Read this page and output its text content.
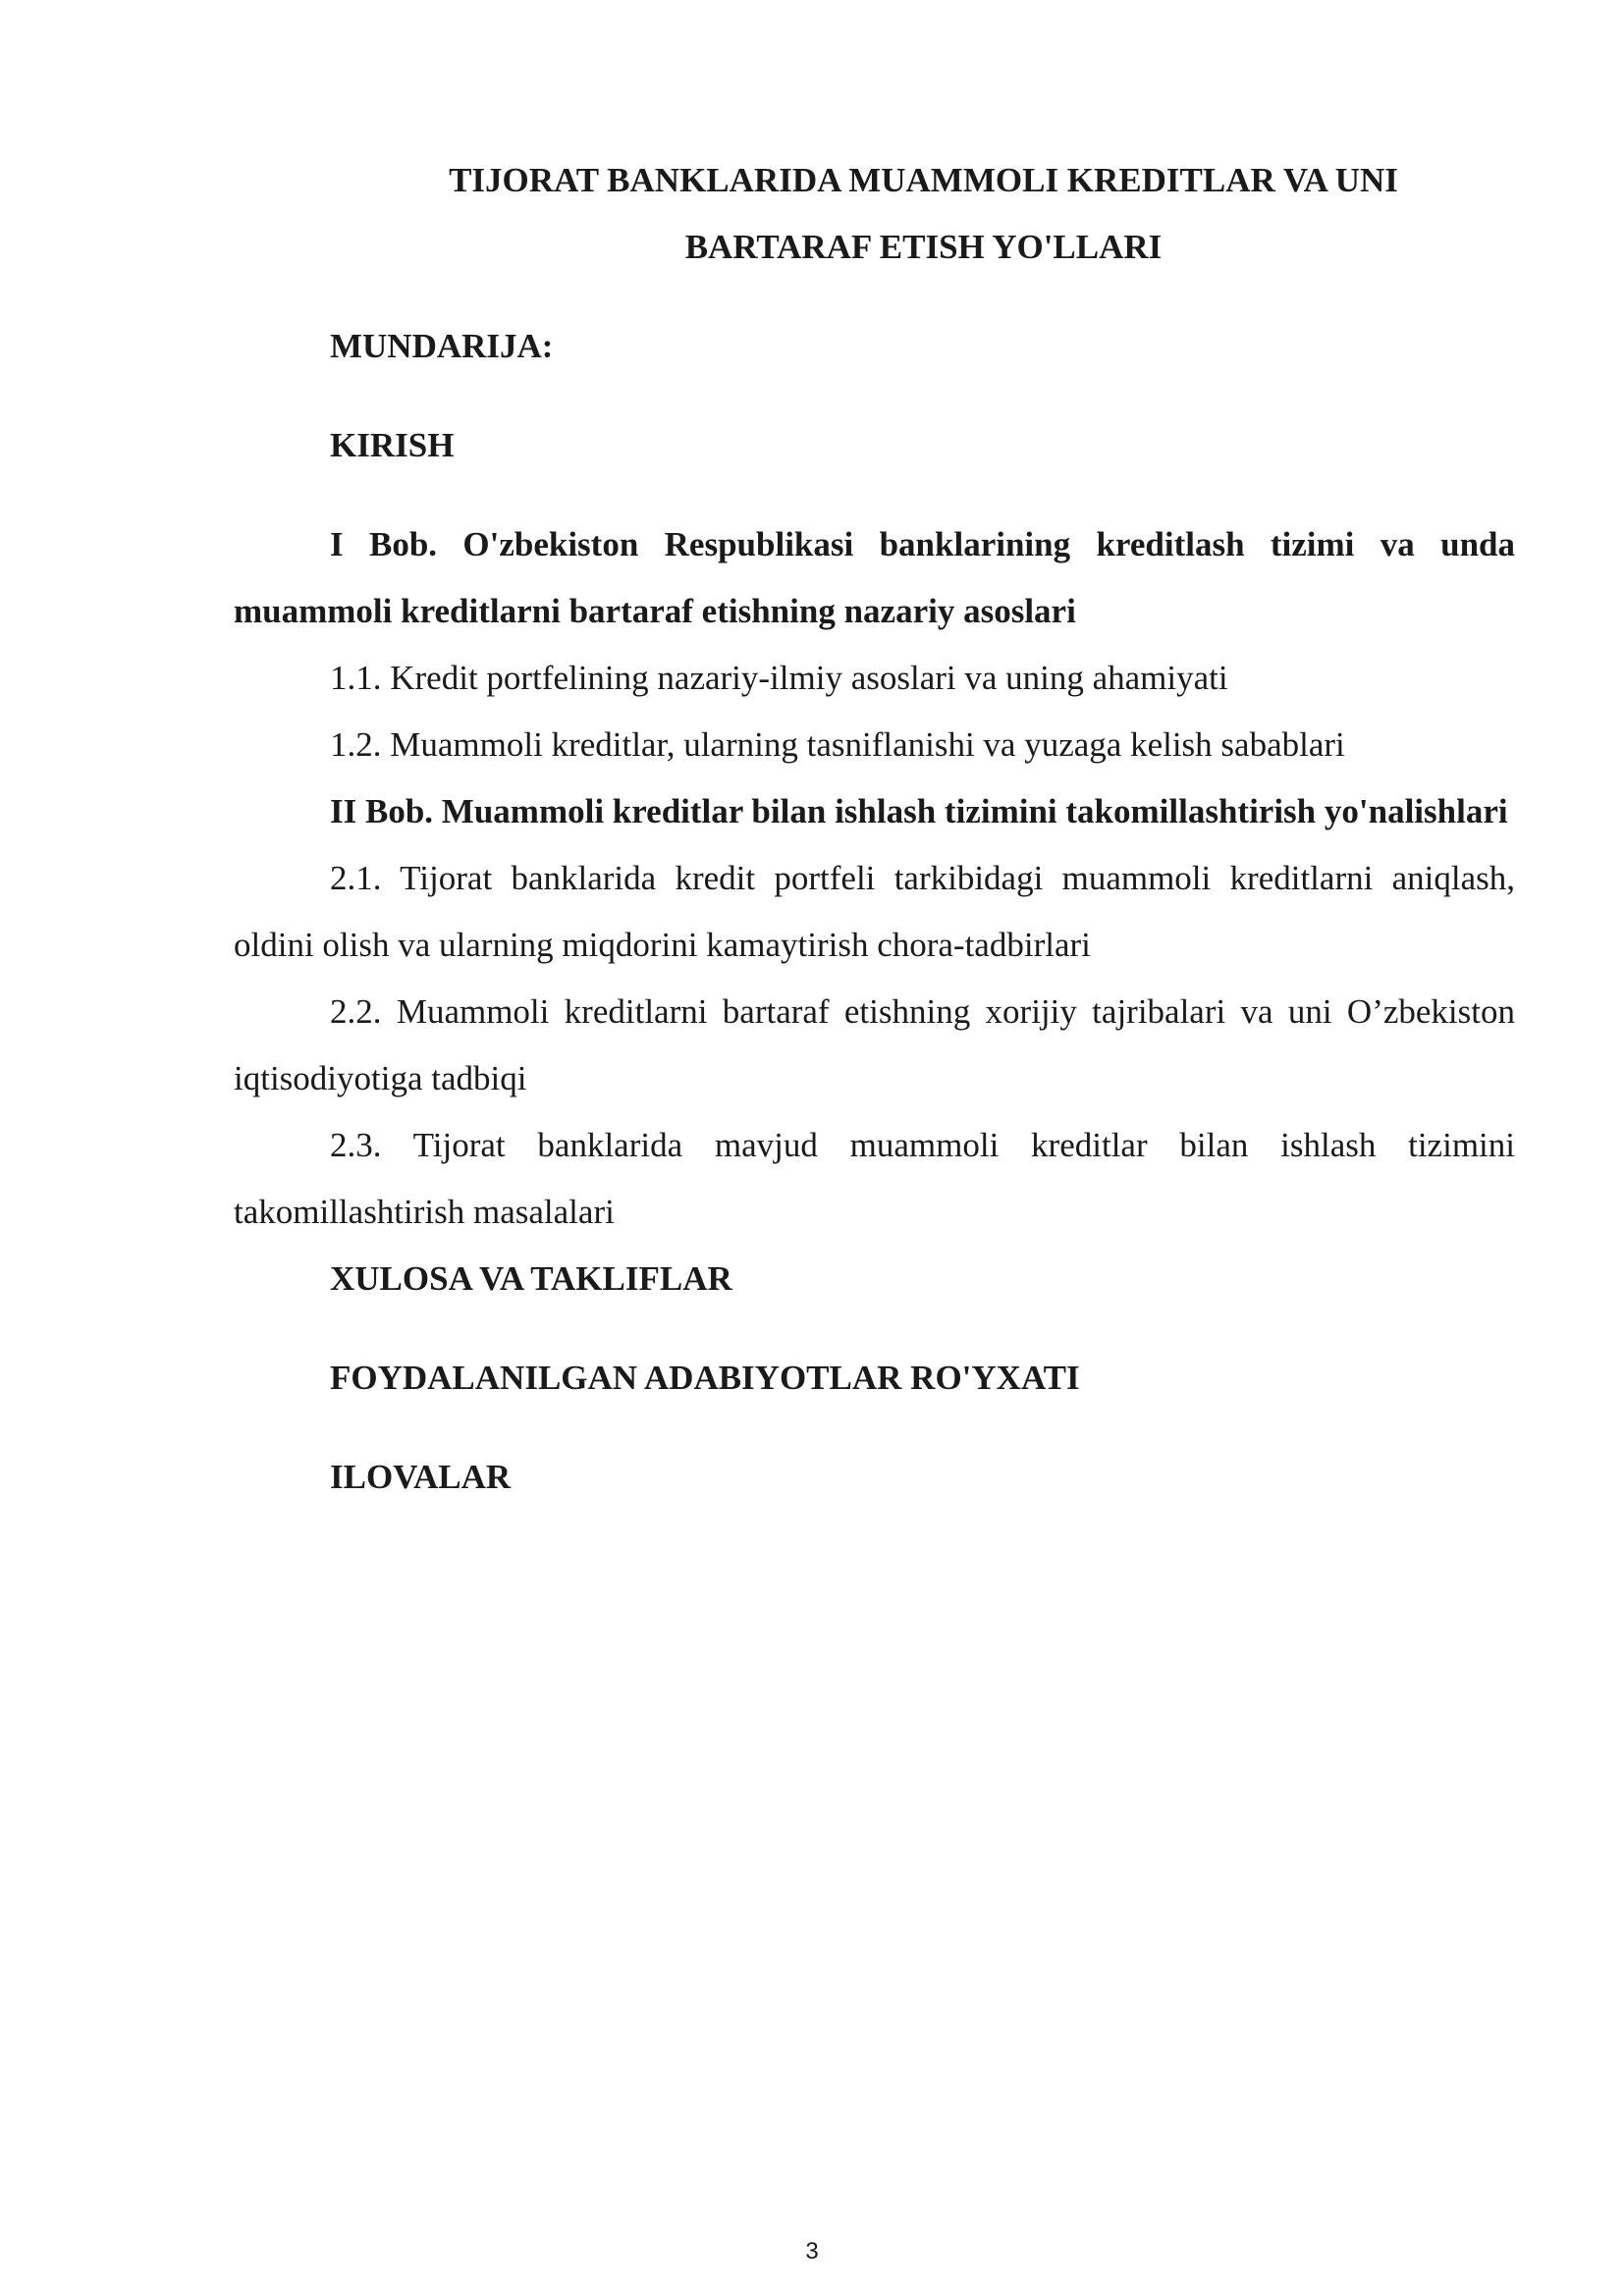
TIJORAT BANKLARIDA MUAMMOLI KREDITLAR VA UNI
BARTARAF ETISH YO'LLARI

MUNDARIJA:

KIRISH

I Bob. O'zbekiston Respublikasi banklarining kreditlash tizimi va unda muammoli kreditlarni bartaraf etishning nazariy asoslari

1.1. Kredit portfelining nazariy-ilmiy asoslari va uning ahamiyati

1.2. Muammoli kreditlar, ularning tasniflanishi va yuzaga kelish sabablari

II Bob. Muammoli kreditlar bilan ishlash tizimini takomillashtirish yo'nalishlari

2.1. Tijorat banklarida kredit portfeli tarkibidagi muammoli kreditlarni aniqlash, oldini olish va ularning miqdorini kamaytirish chora-tadbirlari

2.2. Muammoli kreditlarni bartaraf etishning xorijiy tajribalari va uni O’zbekiston iqtisodiyotiga tadbiqi

2.3. Tijorat banklarida mavjud muammoli kreditlar bilan ishlash tizimini takomillashtirish masalalari

XULOSA VA TAKLIFLAR

FOYDALANILGAN ADABIYOTLAR RO'YXATI

ILOVALAR

3
